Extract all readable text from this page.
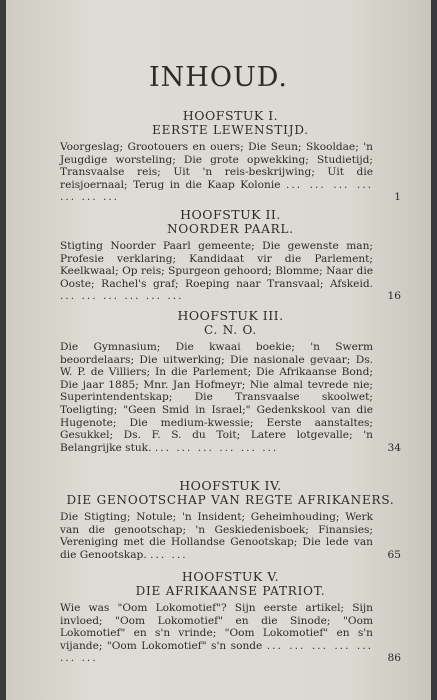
INHOUD.
HOOFSTUK I.
EERSTE LEWENSTIJD.
Voorgeslag; Grootouers en ouers; Die Seun; Skooldae; 'n Jeugdige worsteling; Die grote opwekking; Studietijd; Transvaalse reis; Uit 'n reis-beskrijwing; Uit die reisjoernaal; Terug in die Kaap Kolonie ... ... ... ... ... ... ...	1
HOOFSTUK II.
NOORDER PAARL.
Stigting Noorder Paarl gemeente; Die gewenste man; Profesie verklaring; Kandidaat vir die Parlement; Keelkwaal; Op reis; Spurgeon gehoord; Blomme; Naar die Ooste; Rachel's graf; Roeping naar Transvaal; Afskeid. ... ... ... ... ... ...	16
HOOFSTUK III.
C. N. O.
Die Gymnasium; Die kwaai boekie; 'n Swerm beoordelaars; Die uitwerking; Die nasionale gevaar; Ds. W. P. de Villiers; In die Parlement; Die Afrikaanse Bond; Die jaar 1885; Mnr. Jan Hofmeyr; Nie almal tevrede nie; Superintendentskap; Die Transvaalse skoolwet; Toeligting; "Geen Smid in Israel;" Gedenkskool van die Hugenote; Die medium-kwessie; Eerste aanstaltes; Gesukkel; Ds. F. S. du Toit; Latere lotgevalle; 'n Belangrijke stuk. ... ... ... ... ... ...	34
HOOFSTUK IV.
DIE GENOOTSCHAP VAN REGTE AFRIKANERS.
Die Stigting; Notule; 'n Insident; Geheimhouding; Werk van die genootschap; 'n Geskiedenisboek; Finansies; Vereniging met die Hollandse Genootskap; Die lede van die Genootskap. ... ...	65
HOOFSTUK V.
DIE AFRIKAANSE PATRIOT.
Wie was "Oom Lokomotief"? Sijn eerste artikel; Sijn invloed; "Oom Lokomotief" en die Sinode; "Oom Lokomotief" en s'n vrinde; "Oom Lokomotief" en s'n vijande; "Oom Lokomotief" s'n sonde ... ... ... ... ... ... ...	86
